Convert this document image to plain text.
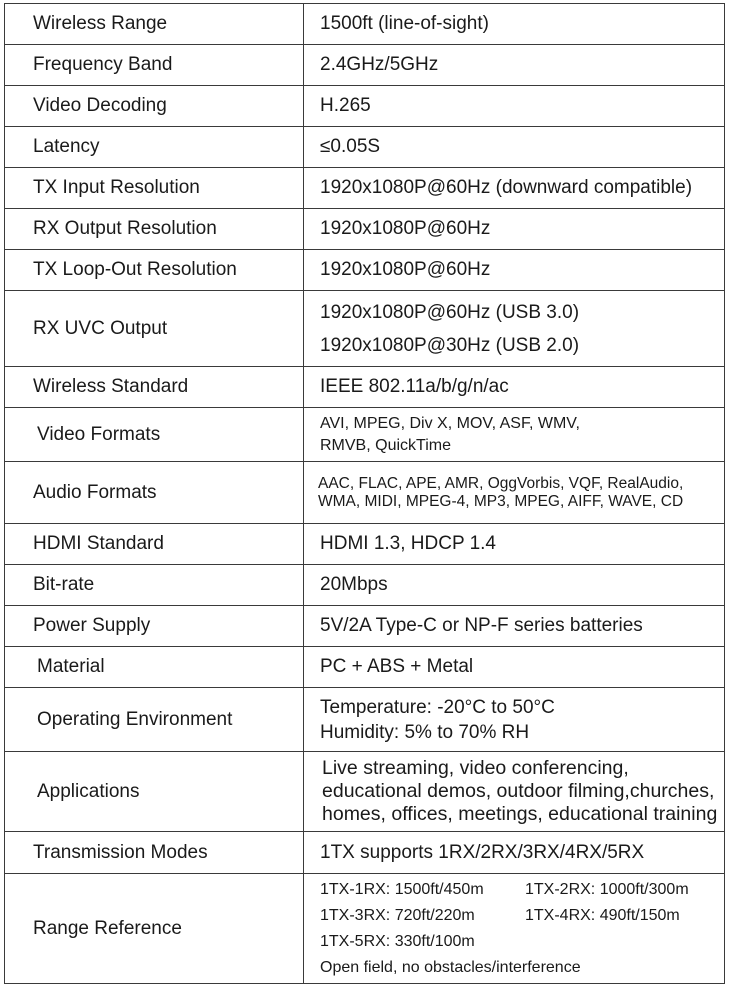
Wireless Range	1500ft (line-of-sight)
Frequency Band	2.4GHz/5GHz
Video Decoding	H.265
Latency	≤0.05S
TX Input Resolution	1920x1080P@60Hz (downward compatible)
RX Output Resolution	1920x1080P@60Hz
TX Loop-Out Resolution	1920x1080P@60Hz
RX UVC Output	1920x1080P@60Hz (USB 3.0)
1920x1080P@30Hz (USB 2.0)

Wireless Standard	IEEE 802.11a/b/g/n/ac
Video Formats	AVI, MPEG, Div X, MOV, ASF, WMV,
RMVB, QuickTime

Audio Formats	AAC, FLAC, APE, AMR, OggVorbis, VQF, RealAudio,
WMA, MIDI, MPEG-4, MP3, MPEG, AIFF, WAVE, CD

HDMI Standard	HDMI 1.3, HDCP 1.4
Bit-rate	20Mbps
Power Supply	5V/2A Type-C or NP-F series batteries
Material	PC + ABS + Metal
Operating Environment	Temperature: -20°C to 50°C
Humidity: 5% to 70% RH

Applications	Live streaming, video conferencing,
educational demos, outdoor filming,churches,
homes, offices, meetings, educational training

Transmission Modes	1TX supports 1RX/2RX/3RX/4RX/5RX
Range Reference	1TX-1RX: 1500ft/450m 1TX-2RX: 1000ft/300m
1TX-3RX: 720ft/220m 1TX-4RX: 490ft/150m
1TX-5RX: 330ft/100m
Open field, no obstacles/interference
